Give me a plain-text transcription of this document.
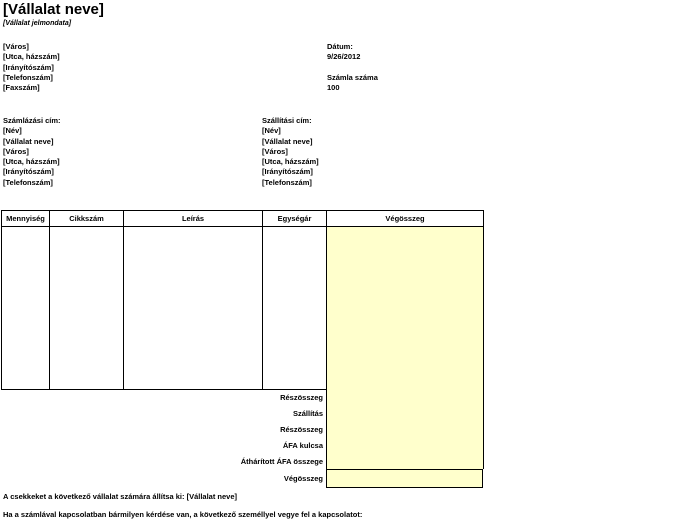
[Vállalat neve]
[Vállalat jelmondata]
[Város]
[Utca, házszám]
[Irányítószám]
[Telefonszám]
[Faxszám]
Dátum:
9/26/2012

Számla száma
100
Számlázási cím:
[Név]
[Vállalat neve]
[Város]
[Utca, házszám]
[Irányítószám]
[Telefonszám]
Szállítási cím:
[Név]
[Vállalat neve]
[Város]
[Utca, házszám]
[Irányítószám]
[Telefonszám]
Mennyiség	Cikkszám	Leírás	Egységár	Végösszeg

Részösszeg
Szállítás
Részösszeg
ÁFA kulcsa
Áthárított ÁFA összege
Végösszeg
A csekkeket a következő vállalat számára állítsa ki: [Vállalat neve]
Ha a számlával kapcsolatban bármilyen kérdése van, a következő személlyel vegye fel a kapcsolatot:
